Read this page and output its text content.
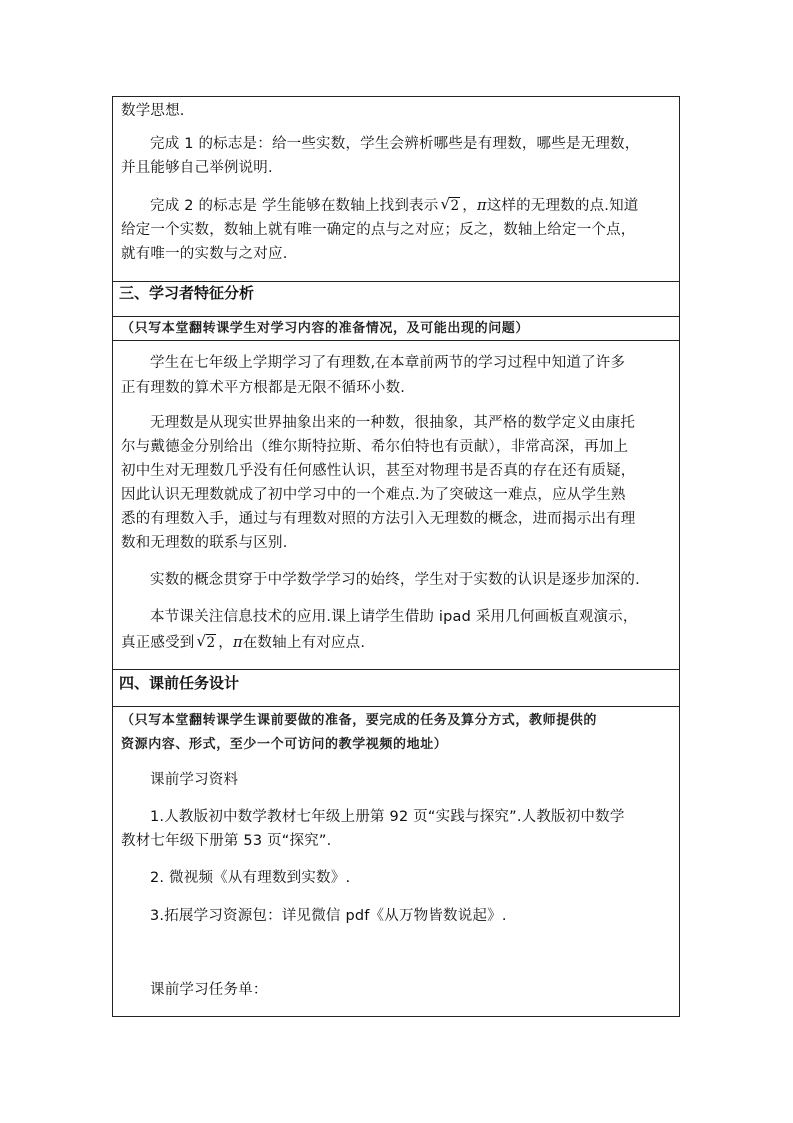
数学思想.
完成 1 的标志是：给一些实数，学生会辨析哪些是有理数，哪些是无理数，
并且能够自己举例说明.
完成 2 的标志是 学生能够在数轴上找到表示 √ 2 ，π这样的无理数的点.知道
给定一个实数，数轴上就有唯一确定的点与之对应；反之，数轴上给定一个点，
就有唯一的实数与之对应.
三、学习者特征分析
（只写本堂翻转课学生对学习内容的准备情况，及可能出现的问题）
学生在七年级上学期学习了有理数,在本章前两节的学习过程中知道了许多
正有理数的算术平方根都是无限不循环小数.
无理数是从现实世界抽象出来的一种数，很抽象，其严格的数学定义由康托
尔与戴德金分别给出（维尔斯特拉斯、希尔伯特也有贡献），非常高深，再加上
初中生对无理数几乎没有任何感性认识，甚至对物理书是否真的存在还有质疑，
因此认识无理数就成了初中学习中的一个难点.为了突破这一难点，应从学生熟
悉的有理数入手，通过与有理数对照的方法引入无理数的概念，进而揭示出有理
数和无理数的联系与区别.
实数的概念贯穿于中学数学学习的始终，学生对于实数的认识是逐步加深的.
本节课关注信息技术的应用.课上请学生借助 ipad 采用几何画板直观演示，
真正感受到 √ 2 ，π在数轴上有对应点.
四、课前任务设计
（只写本堂翻转课学生课前要做的准备，要完成的任务及算分方式，教师提供的
资源内容、形式，至少一个可访问的教学视频的地址）
课前学习资料
1.人教版初中数学教材七年级上册第 92 页“实践与探究”.人教版初中数学
教材七年级下册第 53 页“探究”.
2. 微视频《从有理数到实数》.
3.拓展学习资源包：详见微信 pdf《从万物皆数说起》.
课前学习任务单：
